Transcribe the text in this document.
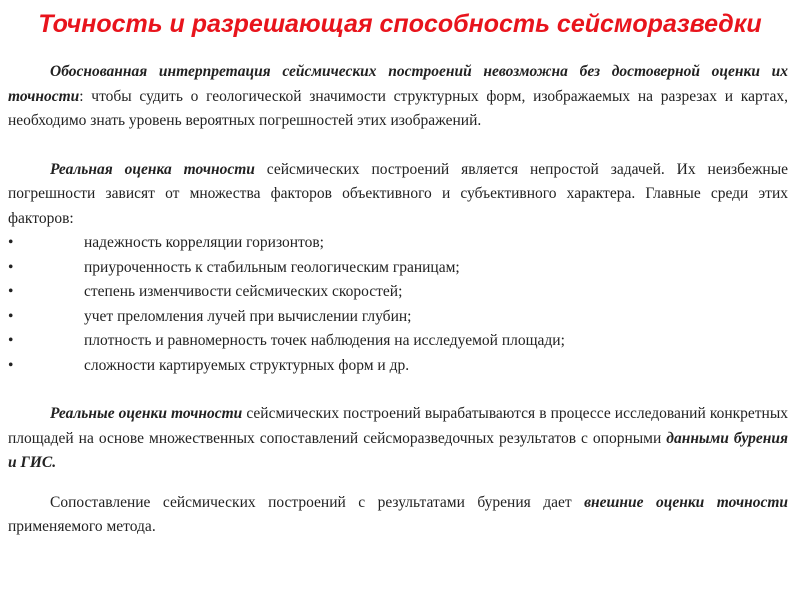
Точность и разрешающая способность сейсморазведки

Обоснованная интерпретация сейсмических построений невозможна без достоверной оценки их точности: чтобы судить о геологической значимости структурных форм, изображаемых на разрезах и картах, необходимо знать уровень вероятных погрешностей этих изображений.

Реальная оценка точности сейсмических построений является непростой задачей. Их неизбежные погрешности зависят от множества факторов объективного и субъективного характера. Главные среди этих факторов:

•	надежность корреляции горизонтов;
•	приуроченность к стабильным геологическим границам;
•	степень изменчивости сейсмических скоростей;
•	учет преломления лучей при вычислении глубин;
•	плотность и равномерность точек наблюдения на исследуемой площади;
•	сложности картируемых структурных форм и др.

Реальные оценки точности сейсмических построений вырабатываются в процессе исследований конкретных площадей на основе множественных сопоставлений сейсморазведочных результатов с опорными данными бурения и ГИС.

Сопоставление сейсмических построений с результатами бурения дает внешние оценки точности применяемого метода.
